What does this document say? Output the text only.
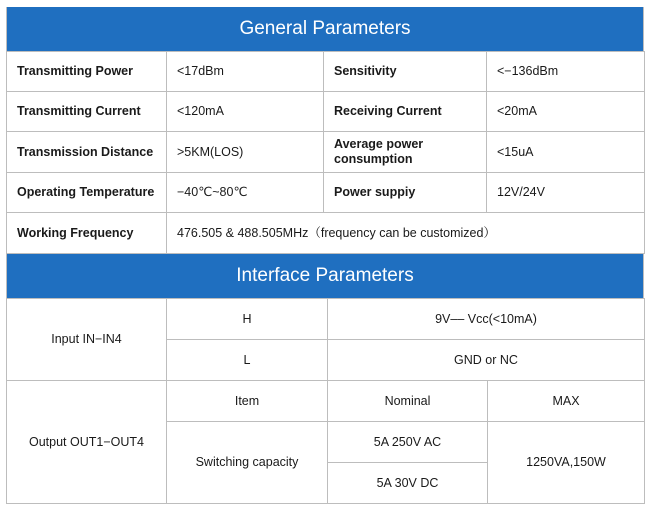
General Parameters
Transmitting Power	<17dBm	Sensitivity	<−136dBm
Transmitting Current	<120mA	Receiving Current	<20mA
Transmission Distance	>5KM(LOS)	Average power consumption	<15uA
Operating Temperature	−40℃~80℃	Power suppiy	12V/24V
Working Frequency	476.505 & 488.505MHz（frequency can be customized）		
Interface Parameters
Input IN−IN4	H	9V–– Vcc(<10mA)	
	L	GND or NC	
Output OUT1−OUT4	Item	Nominal	MAX
	Switching capacity	5A 250V AC	1250VA,150W
		5A 30V DC	
